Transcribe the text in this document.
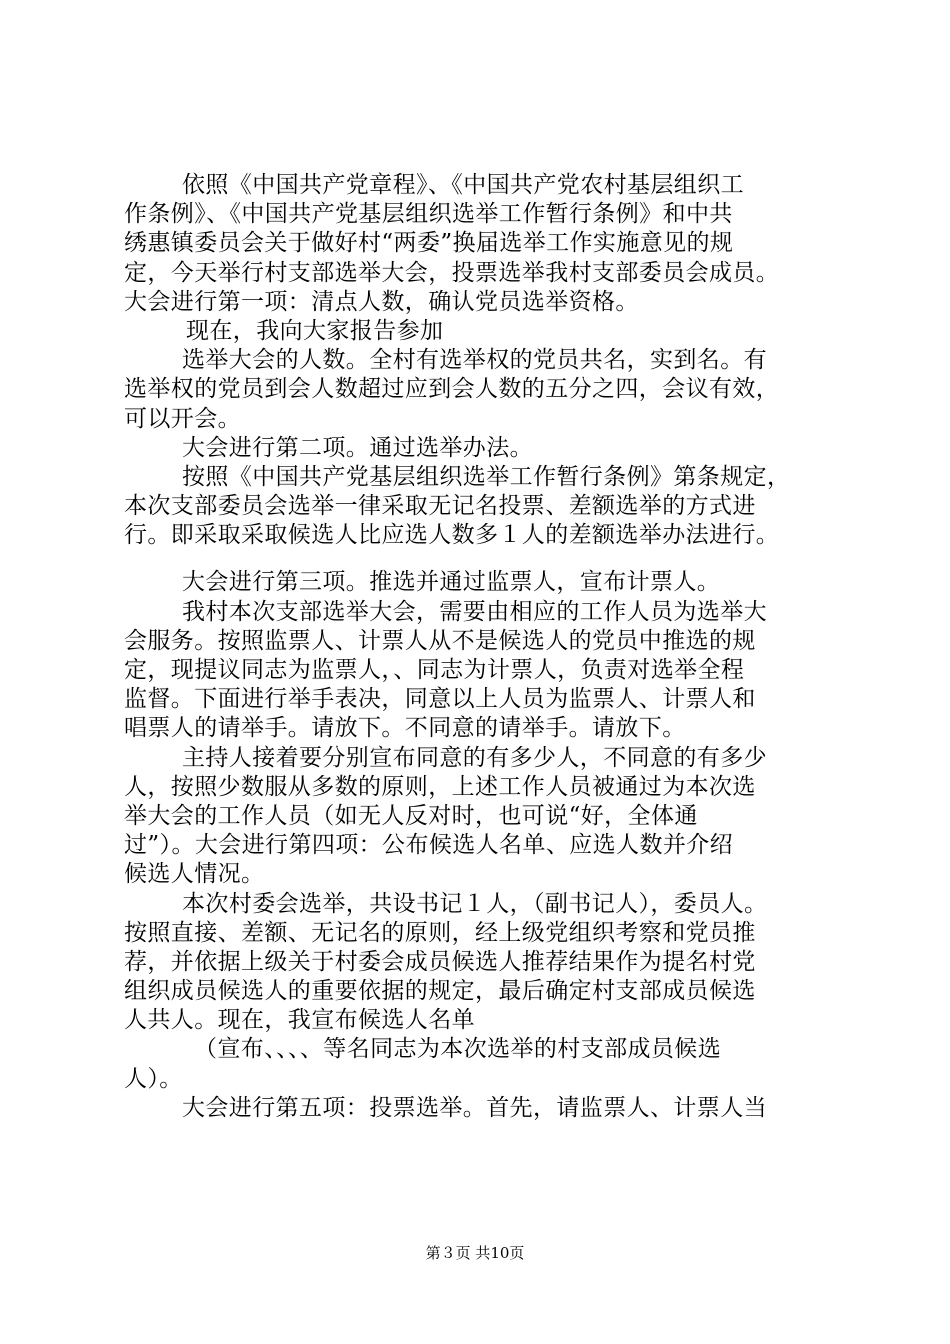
依照《中国共产党章程》、《中国共产党农村基层组织工
作条例》、《中国共产党基层组织选举工作暂行条例》和中共
绣惠镇委员会关于做好村“两委”换届选举工作实施意见的规
定，今天举行村支部选举大会，投票选举我村支部委员会成员。
大会进行第一项：清点人数，确认党员选举资格。
现在，我向大家报告参加
选举大会的人数。全村有选举权的党员共名，实到名。有
选举权的党员到会人数超过应到会人数的五分之四，会议有效，
可以开会。
大会进行第二项。通过选举办法。
按照《中国共产党基层组织选举工作暂行条例》第条规定，
本次支部委员会选举一律采取无记名投票、差额选举的方式进
行。即采取采取候选人比应选人数多１人的差额选举办法进行。
大会进行第三项。推选并通过监票人，宣布计票人。
我村本次支部选举大会，需要由相应的工作人员为选举大
会服务。按照监票人、计票人从不是候选人的党员中推选的规
定，现提议同志为监票人，、同志为计票人，负责对选举全程
监督。下面进行举手表决，同意以上人员为监票人、计票人和
唱票人的请举手。请放下。不同意的请举手。请放下。
主持人接着要分别宣布同意的有多少人，不同意的有多少
人，按照少数服从多数的原则，上述工作人员被通过为本次选
举大会的工作人员（如无人反对时，也可说“好，全体通
过”）。大会进行第四项：公布候选人名单、应选人数并介绍
候选人情况。
本次村委会选举，共设书记１人，（副书记人），委员人。
按照直接、差额、无记名的原则，经上级党组织考察和党员推
荐，并依据上级关于村委会成员候选人推荐结果作为提名村党
组织成员候选人的重要依据的规定，最后确定村支部成员候选
人共人。现在，我宣布候选人名单
（宣布、、、、等名同志为本次选举的村支部成员候选
人）。
大会进行第五项：投票选举。首先，请监票人、计票人当
第３页 共10页
